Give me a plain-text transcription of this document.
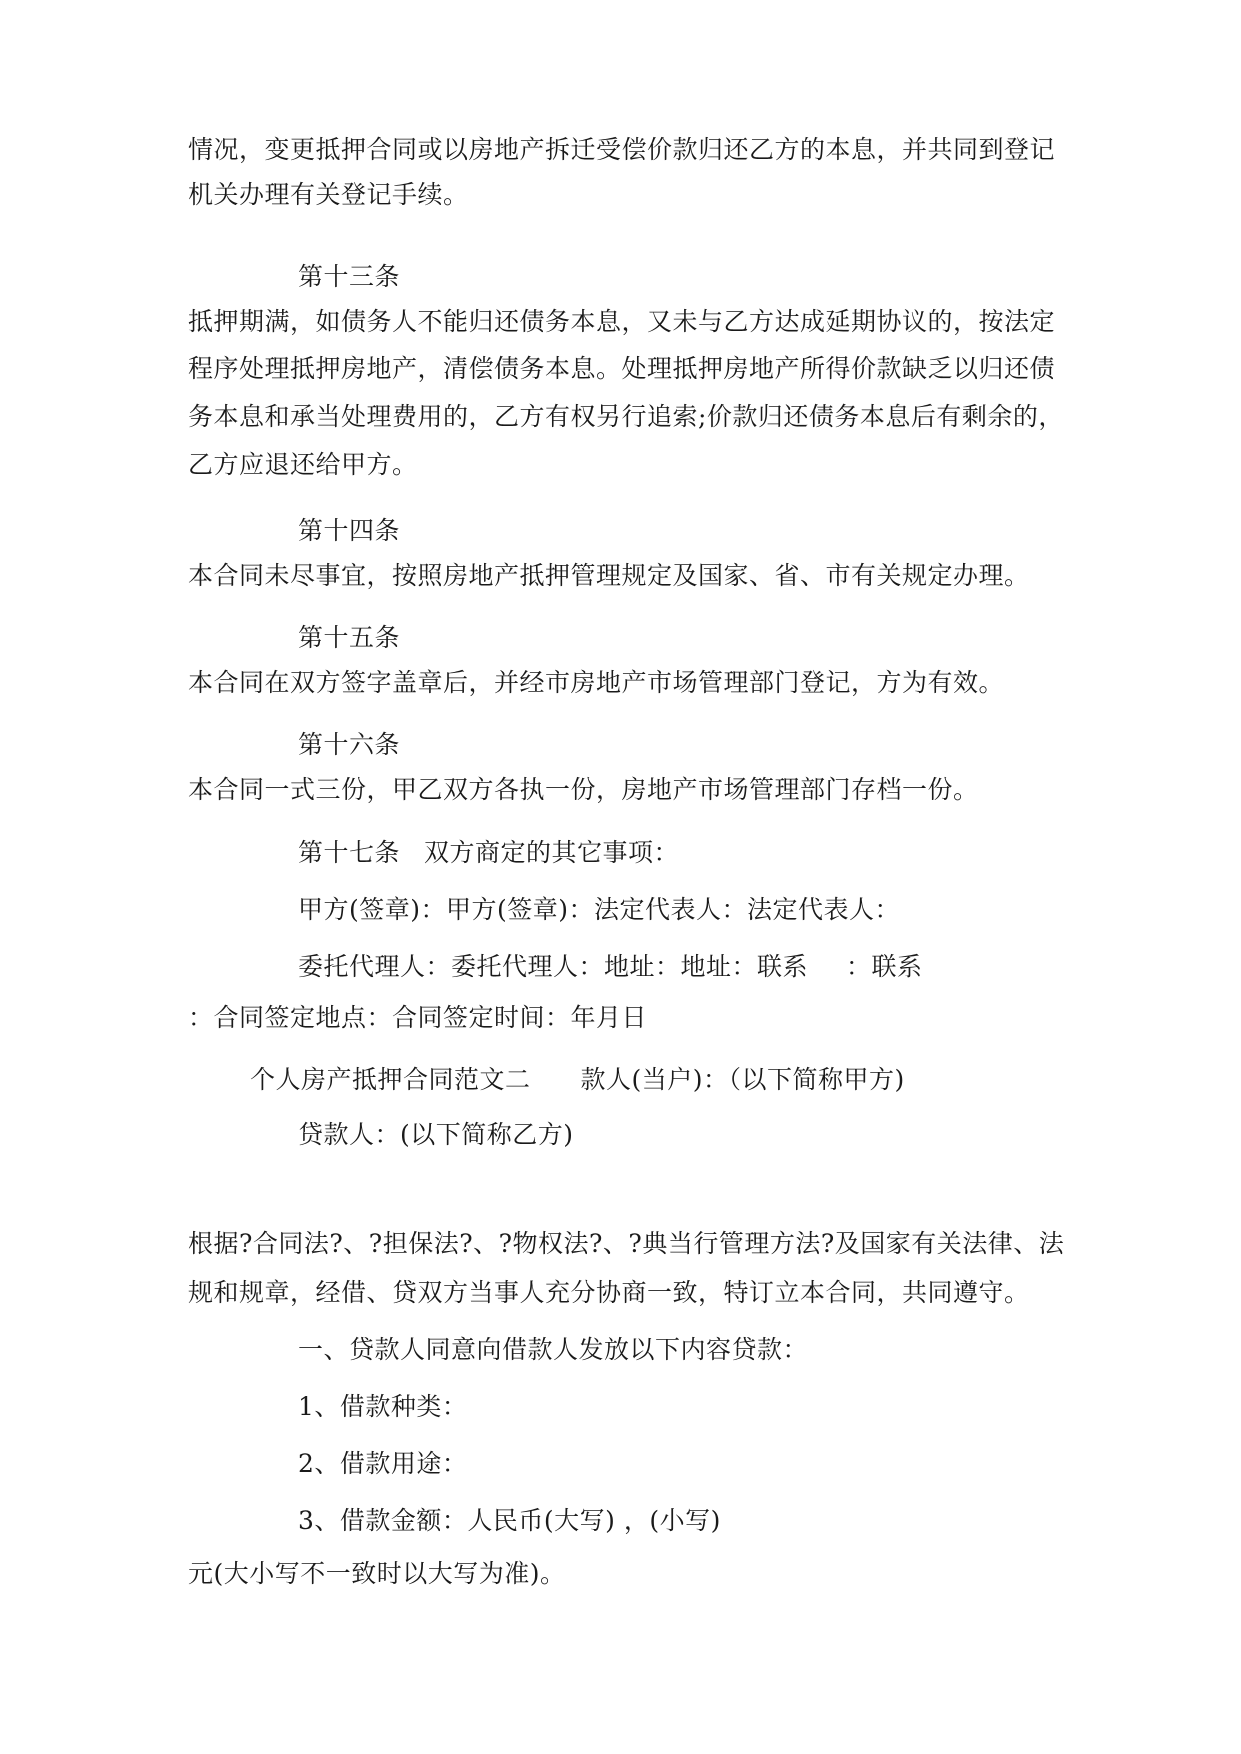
情况，变更抵押合同或以房地产拆迁受偿价款归还乙方的本息，并共同到登记

机关办理有关登记手续。

第十三条

抵押期满，如债务人不能归还债务本息，又未与乙方达成延期协议的，按法定

程序处理抵押房地产，清偿债务本息。处理抵押房地产所得价款缺乏以归还债

务本息和承当处理费用的，乙方有权另行追索;价款归还债务本息后有剩余的，

乙方应退还给甲方。

第十四条

本合同未尽事宜，按照房地产抵押管理规定及国家、省、市有关规定办理。

第十五条

本合同在双方签字盖章后，并经市房地产市场管理部门登记，方为有效。

第十六条

本合同一式三份，甲乙双方各执一份，房地产市场管理部门存档一份。

第十七条 双方商定的其它事项：

甲方(签章)：甲方(签章)：法定代表人：法定代表人：

委托代理人：委托代理人：地址：地址：联系 ：联系

：合同签定地点：合同签定时间：年月日

个人房产抵押合同范文二 款人(当户)：（以下简称甲方)

贷款人：(以下简称乙方)

根据?合同法?、?担保法?、?物权法?、?典当行管理方法?及国家有关法律、法

规和规章，经借、贷双方当事人充分协商一致，特订立本合同，共同遵守。

一、贷款人同意向借款人发放以下内容贷款：

1、借款种类：

2、借款用途：

3、借款金额：人民币(大写) ，(小写)

元(大小写不一致时以大写为准)。
